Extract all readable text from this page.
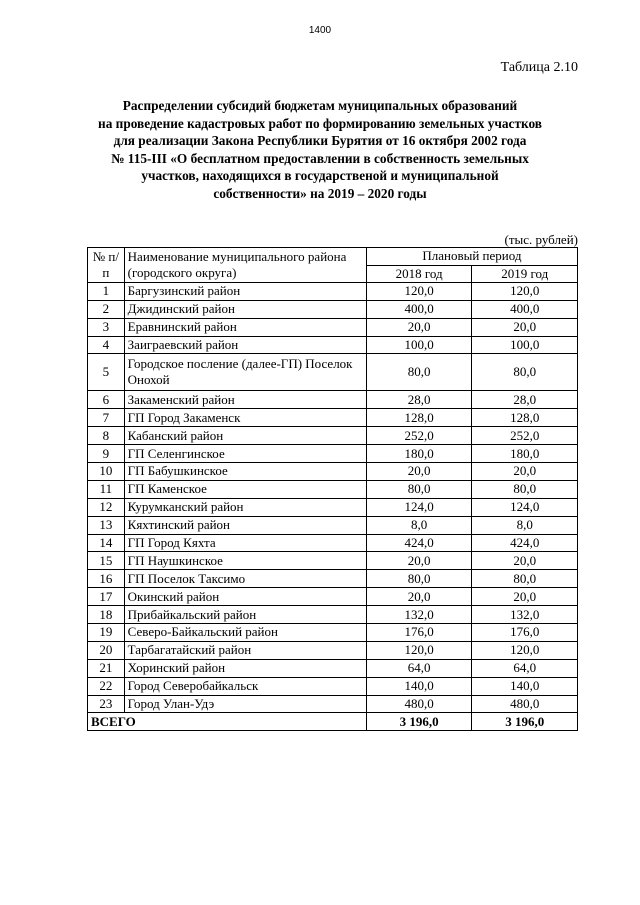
1400
Таблица 2.10
Распределении субсидий бюджетам муниципальных образований
на проведение кадастровых работ по формированию земельных участков
для реализации Закона Республики Бурятия от 16 октября 2002 года
№ 115-III «О бесплатном предоставлении в собственность земельных
участков, находящихся в государственой и муниципальной
собственности» на 2019 – 2020 годы
(тыс. рублей)
№ п/п	Наименование муниципального района (городского округа)	Плановый период	
		2018 год	2019 год
1	Баргузинский район	120,0	120,0
2	Джидинский район	400,0	400,0
3	Еравнинский район	20,0	20,0
4	Заиграевский район	100,0	100,0
5	Городское посление (далее-ГП) Поселок Онохой	80,0	80,0
6	Закаменский район	28,0	28,0
7	ГП Город Закаменск	128,0	128,0
8	Кабанский район	252,0	252,0
9	ГП Селенгинское	180,0	180,0
10	ГП Бабушкинское	20,0	20,0
11	ГП Каменское	80,0	80,0
12	Курумканский район	124,0	124,0
13	Кяхтинский район	8,0	8,0
14	ГП Город Кяхта	424,0	424,0
15	ГП Наушкинское	20,0	20,0
16	ГП Поселок Таксимо	80,0	80,0
17	Окинский район	20,0	20,0
18	Прибайкальский район	132,0	132,0
19	Северо-Байкальский район	176,0	176,0
20	Тарбагатайский район	120,0	120,0
21	Хоринский район	64,0	64,0
22	Город Северобайкальск	140,0	140,0
23	Город Улан-Удэ	480,0	480,0
ВСЕГО		3 196,0	3 196,0
